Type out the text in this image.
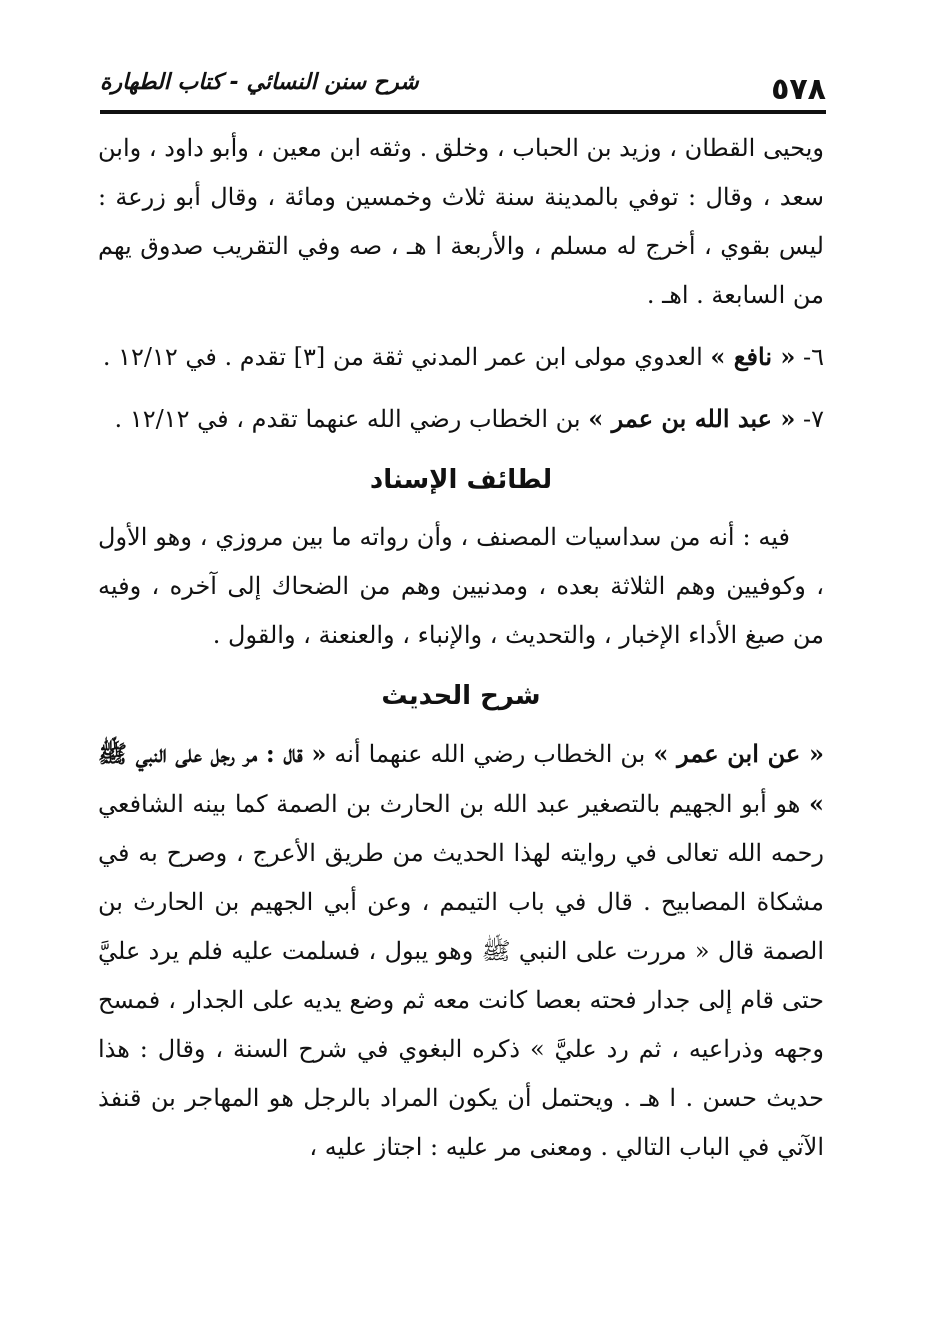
٥٧٨
شرح سنن النسائي - كتاب الطهارة

ويحيى القطان ، وزيد بن الحباب ، وخلق . وثقه ابن معين ، وأبو داود ، وابن سعد ، وقال : توفي بالمدينة سنة ثلاث وخمسين ومائة ، وقال أبو زرعة : ليس بقوي ، أخرج له مسلم ، والأربعة ا هـ ، صه وفي التقريب صدوق يهم من السابعة . اهـ .

٦- « نافع » العدوي مولى ابن عمر المدني ثقة من [٣] تقدم . في ١٢/١٢ .

٧- « عبد الله بن عمر » بن الخطاب رضي الله عنهما تقدم ، في ١٢/١٢ .

لطائف الإسناد

فيه : أنه من سداسيات المصنف ، وأن رواته ما بين مروزي ، وهو الأول ، وكوفيين وهم الثلاثة بعده ، ومدنيين وهم من الضحاك إلى آخره ، وفيه من صيغ الأداء الإخبار ، والتحديث ، والإنباء ، والعنعنة ، والقول .

شرح الحديث

« عن ابن عمر » بن الخطاب رضي الله عنهما أنه « قال : مر رجل على النبي ﷺ » هو أبو الجهيم بالتصغير عبد الله بن الحارث بن الصمة كما بينه الشافعي رحمه الله تعالى في روايته لهذا الحديث من طريق الأعرج ، وصرح به في مشكاة المصابيح . قال في باب التيمم ، وعن أبي الجهيم بن الحارث بن الصمة قال « مررت على النبي ﷺ وهو يبول ، فسلمت عليه فلم يرد عليَّ حتى قام إلى جدار فحته بعصا كانت معه ثم وضع يديه على الجدار ، فمسح وجهه وذراعيه ، ثم رد عليَّ » ذكره البغوي في شرح السنة ، وقال : هذا حديث حسن . ا هـ . ويحتمل أن يكون المراد بالرجل هو المهاجر بن قنفذ الآتي في الباب التالي . ومعنى مر عليه : اجتاز عليه ،
